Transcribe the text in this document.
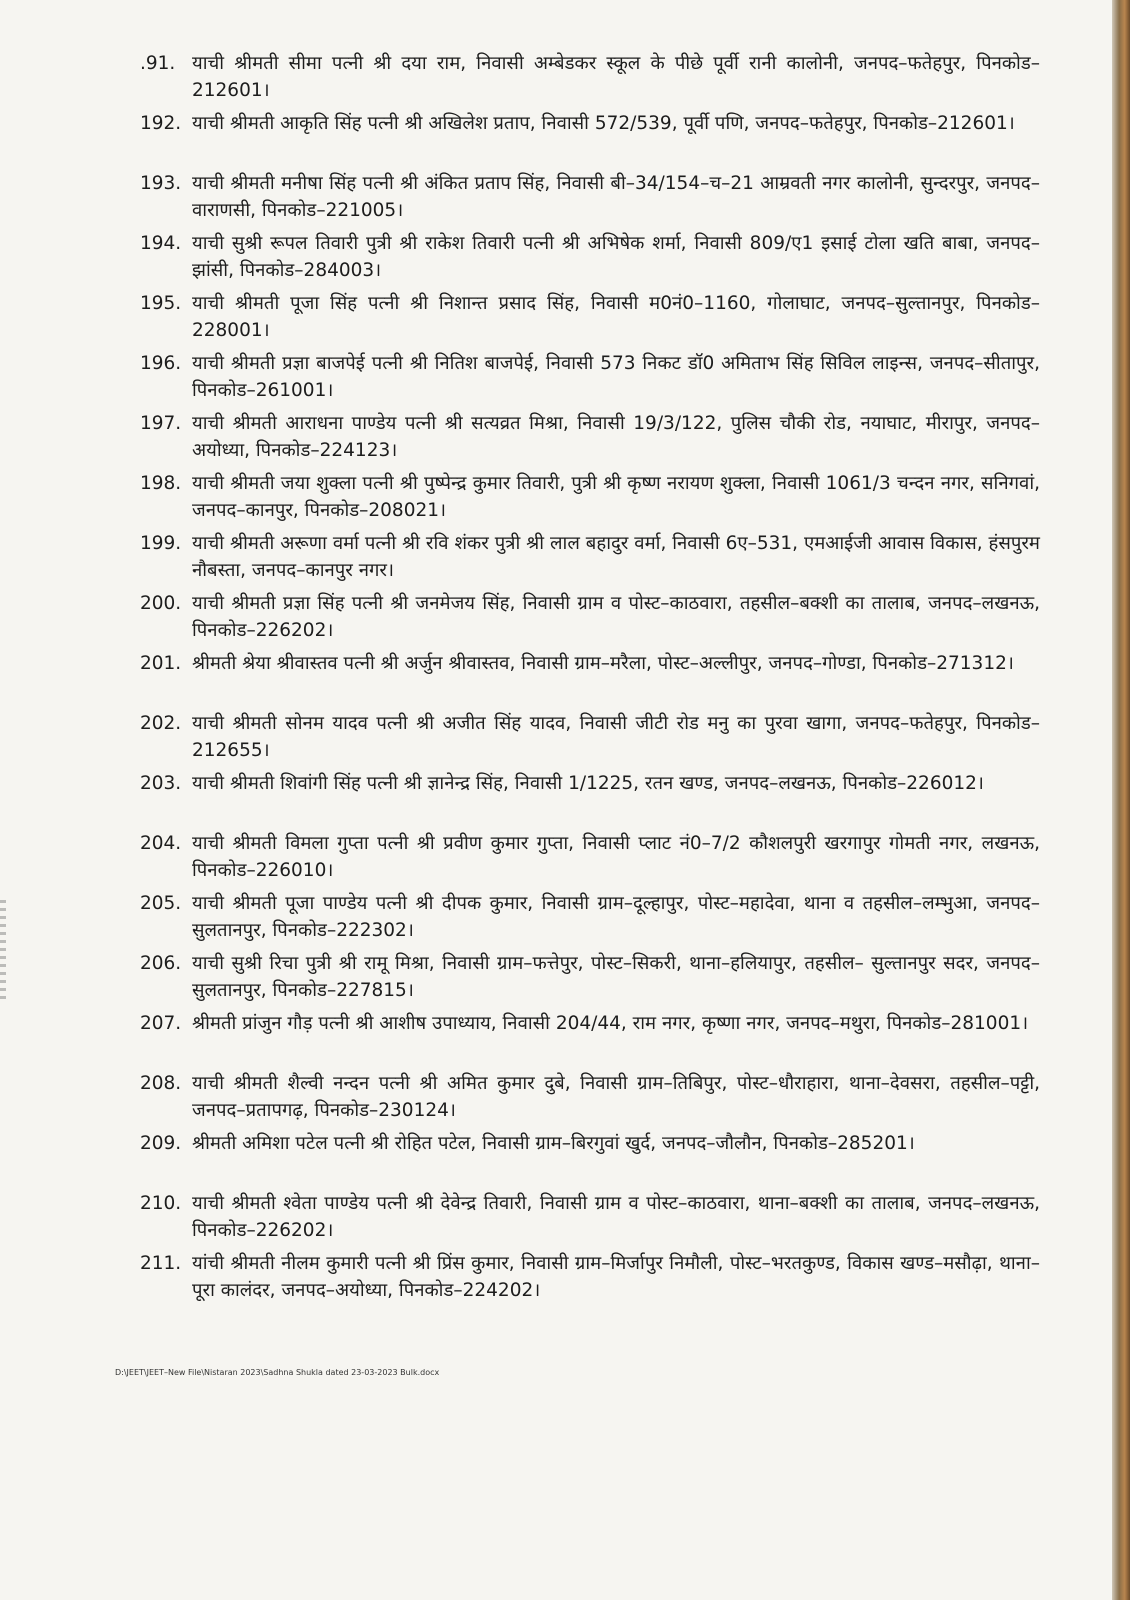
.91. याची श्रीमती सीमा पत्नी श्री दया राम, निवासी अम्बेडकर स्कूल के पीछे पूर्वी रानी कालोनी, जनपद–फतेहपुर, पिनकोड–212601।
192. याची श्रीमती आकृति सिंह पत्नी श्री अखिलेश प्रताप, निवासी 572/539, पूर्वी पणि, जनपद–फतेहपुर, पिनकोड–212601।
193. याची श्रीमती मनीषा सिंह पत्नी श्री अंकित प्रताप सिंह, निवासी बी–34/154–च–21 आम्रवती नगर कालोनी, सुन्दरपुर, जनपद–वाराणसी, पिनकोड–221005।
194. याची सुश्री रूपल तिवारी पुत्री श्री राकेश तिवारी पत्नी श्री अभिषेक शर्मा, निवासी 809/ए1 इसाई टोला खति बाबा, जनपद–झांसी, पिनकोड–284003।
195. याची श्रीमती पूजा सिंह पत्नी श्री निशान्त प्रसाद सिंह, निवासी म0नं0–1160, गोलाघाट, जनपद–सुल्तानपुर, पिनकोड–228001।
196. याची श्रीमती प्रज्ञा बाजपेई पत्नी श्री नितिश बाजपेई, निवासी 573 निकट डॉ0 अमिताभ सिंह सिविल लाइन्स, जनपद–सीतापुर, पिनकोड–261001।
197. याची श्रीमती आराधना पाण्डेय पत्नी श्री सत्यव्रत मिश्रा, निवासी 19/3/122, पुलिस चौकी रोड, नयाघाट, मीरापुर, जनपद–अयोध्या, पिनकोड–224123।
198. याची श्रीमती जया शुक्ला पत्नी श्री पुष्पेन्द्र कुमार तिवारी, पुत्री श्री कृष्ण नरायण शुक्ला, निवासी 1061/3 चन्दन नगर, सनिगवां, जनपद–कानपुर, पिनकोड–208021।
199. याची श्रीमती अरूणा वर्मा पत्नी श्री रवि शंकर पुत्री श्री लाल बहादुर वर्मा, निवासी 6ए–531, एमआईजी आवास विकास, हंसपुरम नौबस्ता, जनपद–कानपुर नगर।
200. याची श्रीमती प्रज्ञा सिंह पत्नी श्री जनमेजय सिंह, निवासी ग्राम व पोस्ट–काठवारा, तहसील–बक्शी का तालाब, जनपद–लखनऊ, पिनकोड–226202।
201. श्रीमती श्रेया श्रीवास्तव पत्नी श्री अर्जुन श्रीवास्तव, निवासी ग्राम–मरैला, पोस्ट–अल्लीपुर, जनपद–गोण्डा, पिनकोड–271312।
202. याची श्रीमती सोनम यादव पत्नी श्री अजीत सिंह यादव, निवासी जीटी रोड मनु का पुरवा खागा, जनपद–फतेहपुर, पिनकोड–212655।
203. याची श्रीमती शिवांगी सिंह पत्नी श्री ज्ञानेन्द्र सिंह, निवासी 1/1225, रतन खण्ड, जनपद–लखनऊ, पिनकोड–226012।
204. याची श्रीमती विमला गुप्ता पत्नी श्री प्रवीण कुमार गुप्ता, निवासी प्लाट नं0–7/2 कौशलपुरी खरगापुर गोमती नगर, लखनऊ, पिनकोड–226010।
205. याची श्रीमती पूजा पाण्डेय पत्नी श्री दीपक कुमार, निवासी ग्राम–दूल्हापुर, पोस्ट–महादेवा, थाना व तहसील–लम्भुआ, जनपद–सुलतानपुर, पिनकोड–222302।
206. याची सुश्री रिचा पुत्री श्री रामू मिश्रा, निवासी ग्राम–फत्तेपुर, पोस्ट–सिकरी, थाना–हलियापुर, तहसील– सुल्तानपुर सदर, जनपद–सुलतानपुर, पिनकोड–227815।
207. श्रीमती प्रांजुन गौड़ पत्नी श्री आशीष उपाध्याय, निवासी 204/44, राम नगर, कृष्णा नगर, जनपद–मथुरा, पिनकोड–281001।
208. याची श्रीमती शैल्वी नन्दन पत्नी श्री अमित कुमार दुबे, निवासी ग्राम–तिबिपुर, पोस्ट–धौराहारा, थाना–देवसरा, तहसील–पट्टी, जनपद–प्रतापगढ़, पिनकोड–230124।
209. श्रीमती अमिशा पटेल पत्नी श्री रोहित पटेल, निवासी ग्राम–बिरगुवां खुर्द, जनपद–जौलौन, पिनकोड–285201।
210. याची श्रीमती श्वेता पाण्डेय पत्नी श्री देवेन्द्र तिवारी, निवासी ग्राम व पोस्ट–काठवारा, थाना–बक्शी का तालाब, जनपद–लखनऊ, पिनकोड–226202।
211. यांची श्रीमती नीलम कुमारी पत्नी श्री प्रिंस कुमार, निवासी ग्राम–मिर्जापुर निमौली, पोस्ट–भरतकुण्ड, विकास खण्ड–मसौढ़ा, थाना–पूरा कालंदर, जनपद–अयोध्या, पिनकोड–224202।
D:\JEET\JEET–New File\Nistaran 2023\Sadhna Shukla dated 23-03-2023 Bulk.docx
